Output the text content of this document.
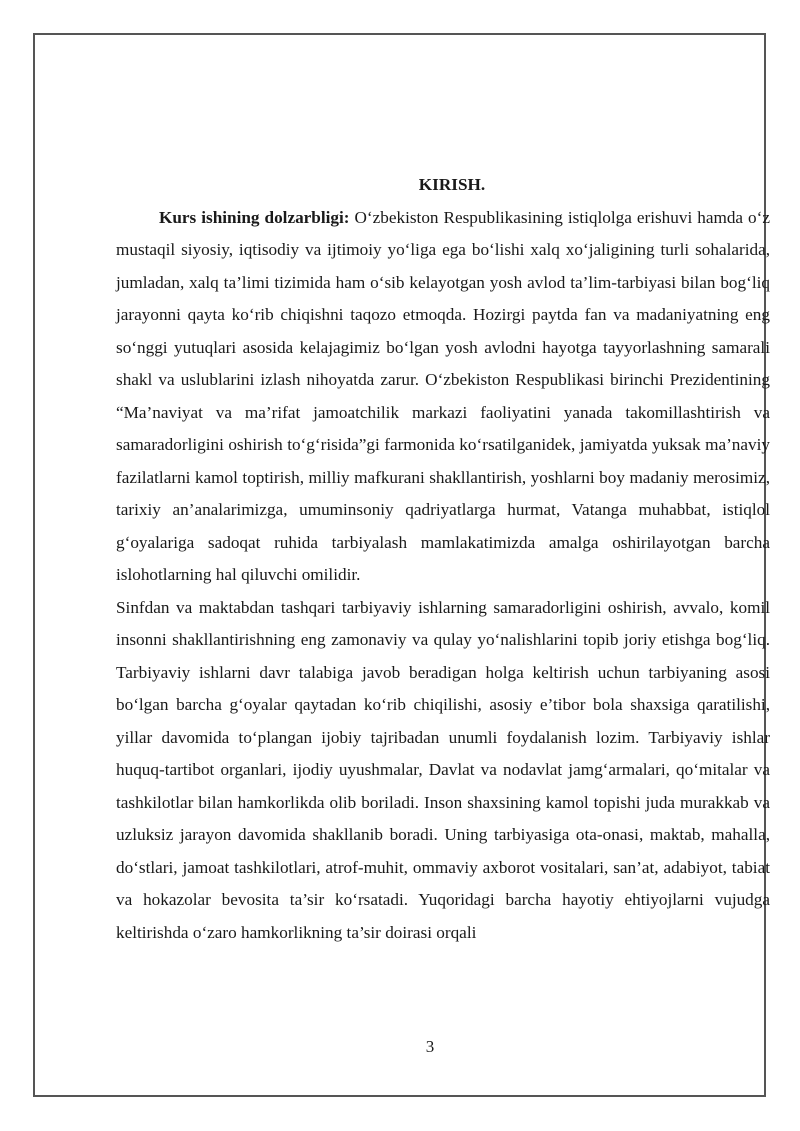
KIRISH.

Kurs ishining dolzarbligi: O‘zbekiston Respublikasining istiqlolga erishuvi hamda o‘z mustaqil siyosiy, iqtisodiy va ijtimoiy yo‘liga ega bo‘lishi xalq xo‘jaligining turli sohalarida, jumladan, xalq ta’limi tizimida ham o‘sib kelayotgan yosh avlod ta’lim-tarbiyasi bilan bog‘liq jarayonni qayta ko‘rib chiqishni taqozo etmoqda. Hozirgi paytda fan va madaniyatning eng so‘nggi yutuqlari asosida kelajagimiz bo‘lgan yosh avlodni hayotga tayyorlashning samarali shakl va uslublarini izlash nihoyatda zarur. O‘zbekiston Respublikasi birinchi Prezidentining “Ma’naviyat va ma’rifat jamoatchilik markazi faoliyatini yanada takomillashtirish va samaradorligini oshirish to‘g‘risida”gi farmonida ko‘rsatilganidek, jamiyatda yuksak ma’naviy fazilatlarni kamol toptirish, milliy mafkurani shakllantirish, yoshlarni boy madaniy merosimiz, tarixiy an’analarimizga, umuminsoniy qadriyatlarga hurmat, Vatanga muhabbat, istiqlol g‘oyalariga sadoqat ruhida tarbiyalash mamlakatimizda amalga oshirilayotgan barcha islohotlarning hal qiluvchi omilidir.

Sinfdan va maktabdan tashqari tarbiyaviy ishlarning samaradorligini oshirish, avvalo, komil insonni shakllantirishning eng zamonaviy va qulay yo‘nalishlarini topib joriy etishga bog‘liq. Tarbiyaviy ishlarni davr talabiga javob beradigan holga keltirish uchun tarbiyaning asosi bo‘lgan barcha g‘oyalar qaytadan ko‘rib chiqilishi, asosiy e’tibor bola shaxsiga qaratilishi, yillar davomida to‘plangan ijobiy tajribadan unumli foydalanish lozim. Tarbiyaviy ishlar huquq-tartibot organlari, ijodiy uyushmalar, Davlat va nodavlat jamg‘armalari, qo‘mitalar va tashkilotlar bilan hamkorlikda olib boriladi. Inson shaxsining kamol topishi juda murakkab va uzluksiz jarayon davomida shakllanib boradi. Uning tarbiyasiga ota-onasi, maktab, mahalla, do‘stlari, jamoat tashkilotlari, atrof-muhit, ommaviy axborot vositalari, san’at, adabiyot, tabiat va hokazolar bevosita ta’sir ko‘rsatadi. Yuqoridagi barcha hayotiy ehtiyojlarni vujudga keltirishda o‘zaro hamkorlikning ta’sir doirasi orqali

3
